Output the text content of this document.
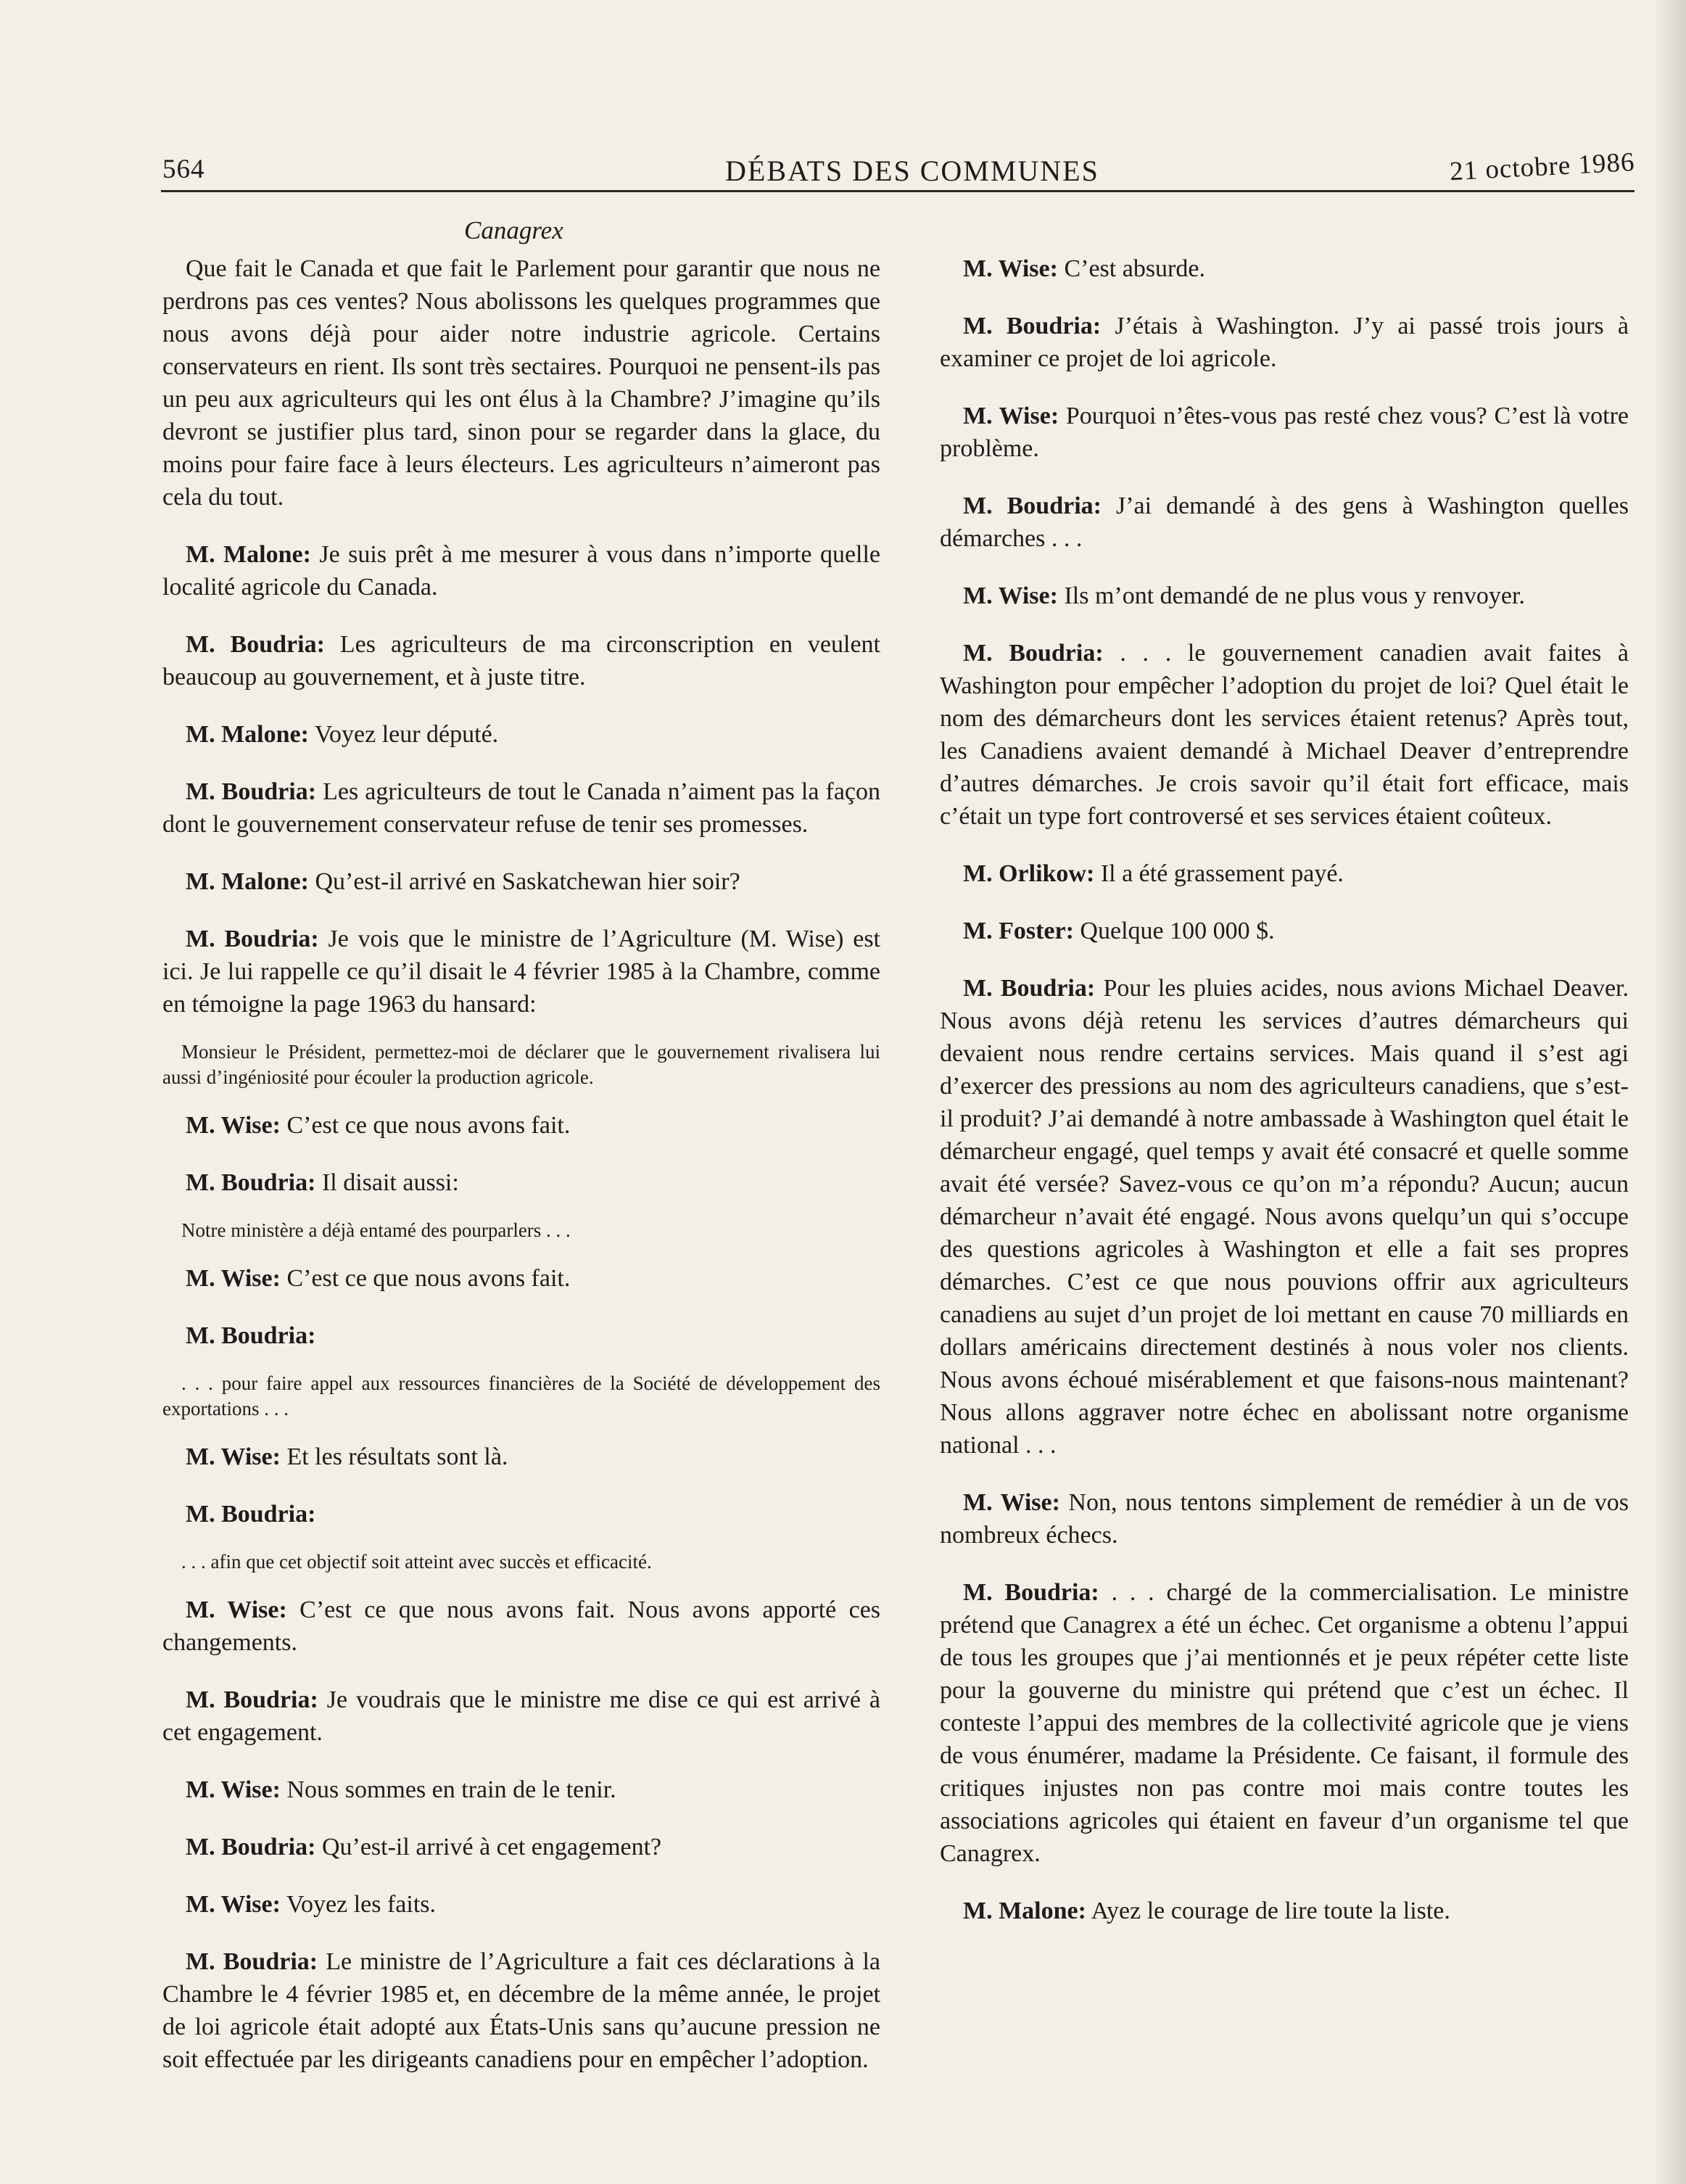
564	DÉBATS DES COMMUNES	21 octobre 1986
Canagrex

Que fait le Canada et que fait le Parlement pour garantir que nous ne perdrons pas ces ventes? Nous abolissons les quelques programmes que nous avons déjà pour aider notre industrie agricole. Certains conservateurs en rient. Ils sont très sectaires. Pourquoi ne pensent-ils pas un peu aux agriculteurs qui les ont élus à la Chambre? J’imagine qu’ils devront se justifier plus tard, sinon pour se regarder dans la glace, du moins pour faire face à leurs électeurs. Les agriculteurs n’aimeront pas cela du tout.

M. Malone: Je suis prêt à me mesurer à vous dans n’importe quelle localité agricole du Canada.

M. Boudria: Les agriculteurs de ma circonscription en veulent beaucoup au gouvernement, et à juste titre.

M. Malone: Voyez leur député.

M. Boudria: Les agriculteurs de tout le Canada n’aiment pas la façon dont le gouvernement conservateur refuse de tenir ses promesses.

M. Malone: Qu’est-il arrivé en Saskatchewan hier soir?

M. Boudria: Je vois que le ministre de l’Agriculture (M. Wise) est ici. Je lui rappelle ce qu’il disait le 4 février 1985 à la Chambre, comme en témoigne la page 1963 du hansard:

Monsieur le Président, permettez-moi de déclarer que le gouvernement rivalisera lui aussi d’ingéniosité pour écouler la production agricole.

M. Wise: C’est ce que nous avons fait.

M. Boudria: Il disait aussi:

Notre ministère a déjà entamé des pourparlers . . .

M. Wise: C’est ce que nous avons fait.

M. Boudria:

. . . pour faire appel aux ressources financières de la Société de développement des exportations . . .

M. Wise: Et les résultats sont là.

M. Boudria:

. . . afin que cet objectif soit atteint avec succès et efficacité.

M. Wise: C’est ce que nous avons fait. Nous avons apporté ces changements.

M. Boudria: Je voudrais que le ministre me dise ce qui est arrivé à cet engagement.

M. Wise: Nous sommes en train de le tenir.

M. Boudria: Qu’est-il arrivé à cet engagement?

M. Wise: Voyez les faits.

M. Boudria: Le ministre de l’Agriculture a fait ces déclarations à la Chambre le 4 février 1985 et, en décembre de la même année, le projet de loi agricole était adopté aux États-Unis sans qu’aucune pression ne soit effectuée par les dirigeants canadiens pour en empêcher l’adoption.

M. Wise: C’est absurde.

M. Boudria: J’étais à Washington. J’y ai passé trois jours à examiner ce projet de loi agricole.

M. Wise: Pourquoi n’êtes-vous pas resté chez vous? C’est là votre problème.

M. Boudria: J’ai demandé à des gens à Washington quelles démarches . . .

M. Wise: Ils m’ont demandé de ne plus vous y renvoyer.

M. Boudria: . . . le gouvernement canadien avait faites à Washington pour empêcher l’adoption du projet de loi? Quel était le nom des démarcheurs dont les services étaient retenus? Après tout, les Canadiens avaient demandé à Michael Deaver d’entreprendre d’autres démarches. Je crois savoir qu’il était fort efficace, mais c’était un type fort controversé et ses services étaient coûteux.

M. Orlikow: Il a été grassement payé.

M. Foster: Quelque 100 000 $.

M. Boudria: Pour les pluies acides, nous avions Michael Deaver. Nous avons déjà retenu les services d’autres démarcheurs qui devaient nous rendre certains services. Mais quand il s’est agi d’exercer des pressions au nom des agriculteurs canadiens, que s’est-il produit? J’ai demandé à notre ambassade à Washington quel était le démarcheur engagé, quel temps y avait été consacré et quelle somme avait été versée? Savez-vous ce qu’on m’a répondu? Aucun; aucun démarcheur n’avait été engagé. Nous avons quelqu’un qui s’occupe des questions agricoles à Washington et elle a fait ses propres démarches. C’est ce que nous pouvions offrir aux agriculteurs canadiens au sujet d’un projet de loi mettant en cause 70 milliards en dollars américains directement destinés à nous voler nos clients. Nous avons échoué misérablement et que faisons-nous maintenant? Nous allons aggraver notre échec en abolissant notre organisme national . . .

M. Wise: Non, nous tentons simplement de remédier à un de vos nombreux échecs.

M. Boudria: . . . chargé de la commercialisation. Le ministre prétend que Canagrex a été un échec. Cet organisme a obtenu l’appui de tous les groupes que j’ai mentionnés et je peux répéter cette liste pour la gouverne du ministre qui prétend que c’est un échec. Il conteste l’appui des membres de la collectivité agricole que je viens de vous énumérer, madame la Présidente. Ce faisant, il formule des critiques injustes non pas contre moi mais contre toutes les associations agricoles qui étaient en faveur d’un organisme tel que Canagrex.

M. Malone: Ayez le courage de lire toute la liste.
